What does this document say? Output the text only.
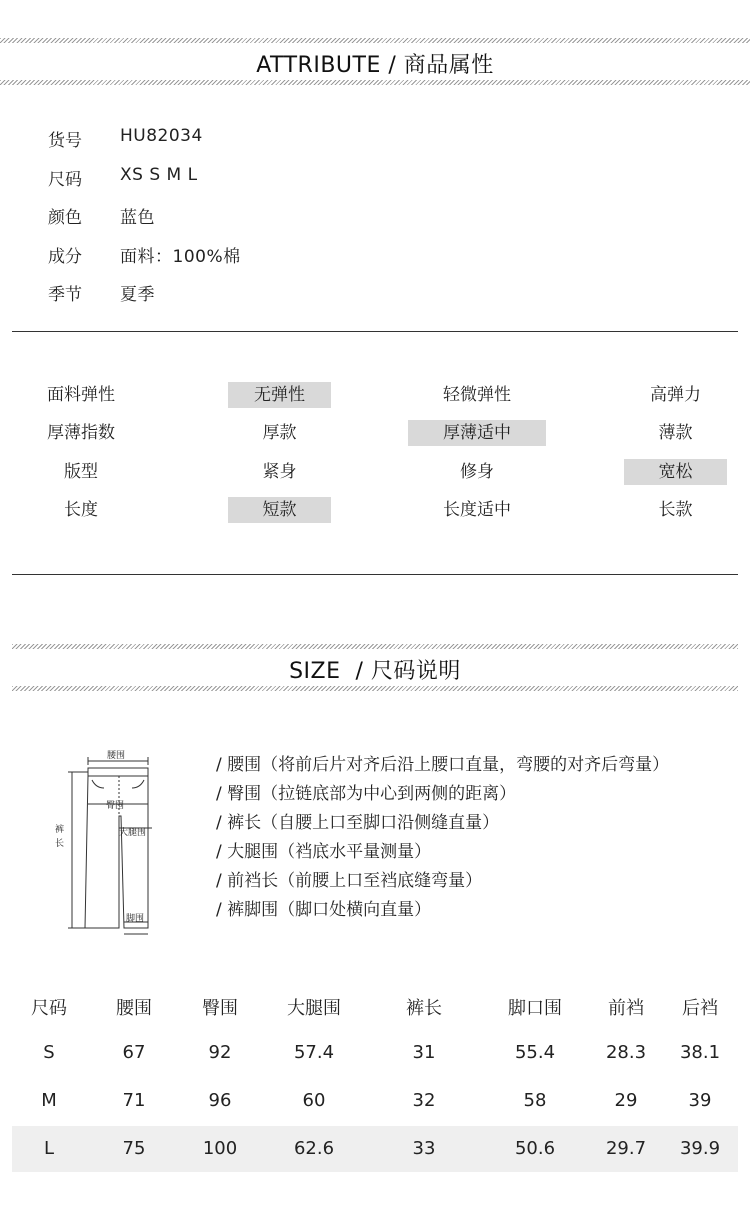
ATTRIBUTE / 商品属性
货号 HU82034
尺码 XS S M L
颜色 蓝色
成分 面料：100%棉
季节 夏季
面料弹性	无弹性	轻微弹性	高弹力
厚薄指数	厚款	厚薄适中	薄款
版型	紧身	修身	宽松
长度	短款	长度适中	长款
SIZE  / 尺码说明
腰围
臀围
大腿围
裤长
脚围
/ 腰围（将前后片对齐后沿上腰口直量，弯腰的对齐后弯量）
/ 臀围（拉链底部为中心到两侧的距离）
/ 裤长（自腰上口至脚口沿侧缝直量）
/ 大腿围（裆底水平量测量）
/ 前裆长（前腰上口至裆底缝弯量）
/ 裤脚围（脚口处横向直量）
尺码	腰围	臀围	大腿围	裤长	脚口围	前裆	后裆
S	67	92	57.4	31	55.4	28.3	38.1
M	71	96	60	32	58	29	39
L	75	100	62.6	33	50.6	29.7	39.9
